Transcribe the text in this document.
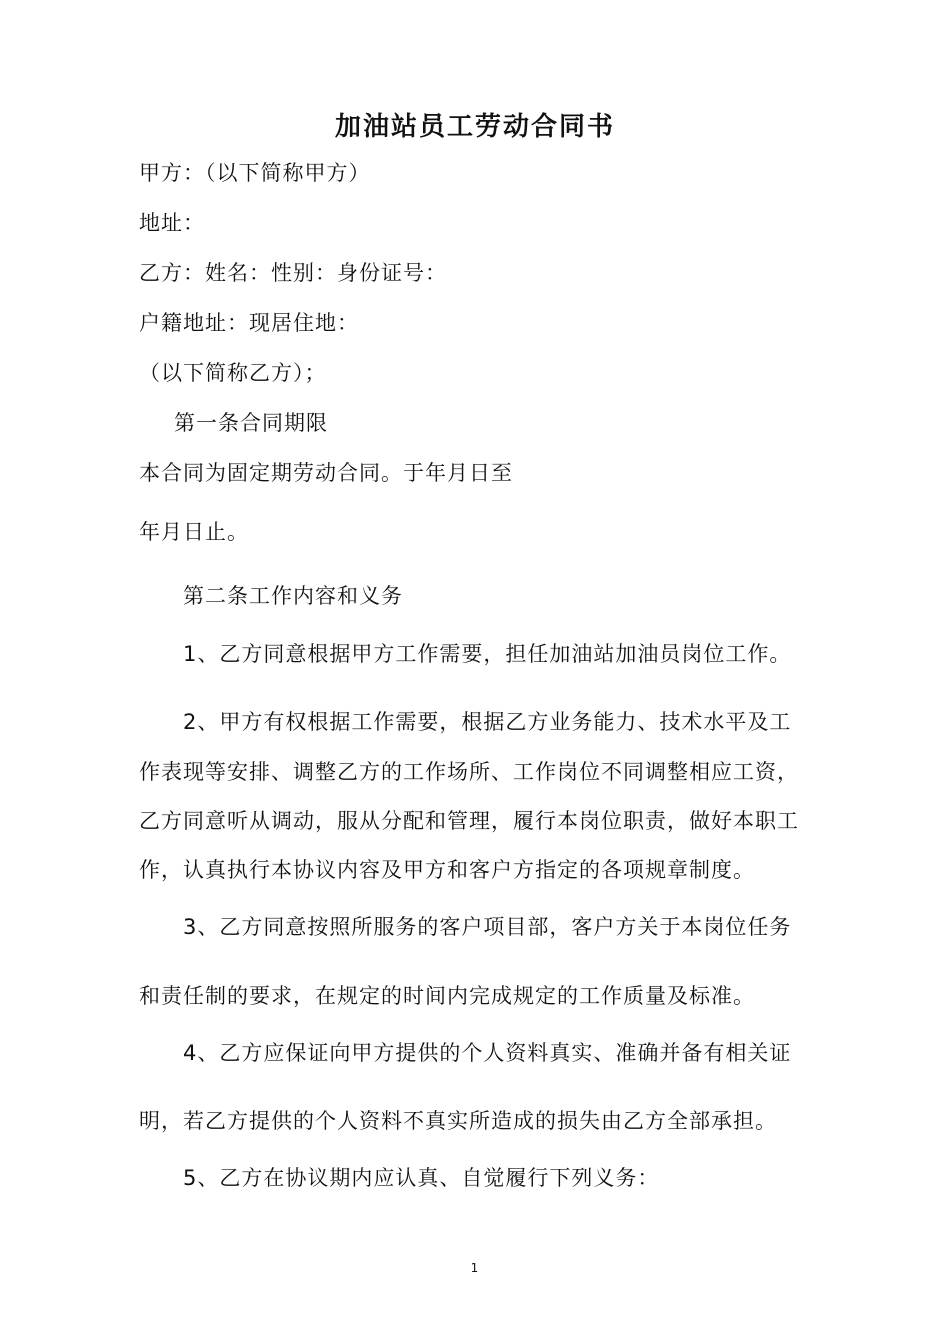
加油站员工劳动合同书

甲方：（以下简称甲方）

地址：

乙方：姓名：性别：身份证号：

户籍地址：现居住地：

（以下简称乙方）；

第一条合同期限

本合同为固定期劳动合同。于年月日至

年月日止。

第二条工作内容和义务

1、乙方同意根据甲方工作需要，担任加油站加油员岗位工作。

2、甲方有权根据工作需要，根据乙方业务能力、技术水平及工

作表现等安排、调整乙方的工作场所、工作岗位不同调整相应工资，

乙方同意听从调动，服从分配和管理，履行本岗位职责，做好本职工

作，认真执行本协议内容及甲方和客户方指定的各项规章制度。

3、乙方同意按照所服务的客户项目部，客户方关于本岗位任务

和责任制的要求，在规定的时间内完成规定的工作质量及标准。

4、乙方应保证向甲方提供的个人资料真实、准确并备有相关证

明，若乙方提供的个人资料不真实所造成的损失由乙方全部承担。

5、乙方在协议期内应认真、自觉履行下列义务：

1
